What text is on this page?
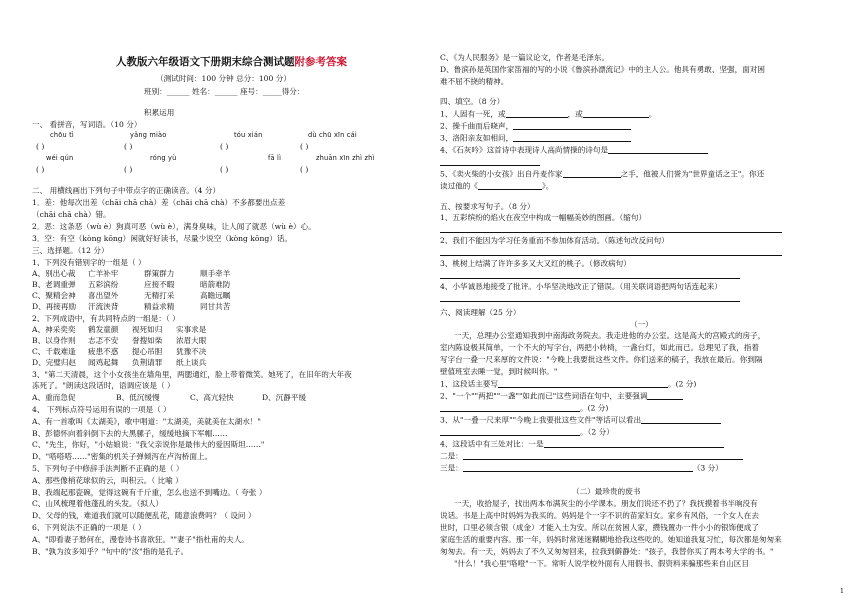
人教版六年级语文下册期末综合测试题附参考答案
（测试时间：100 分钟 总分：100 分）
班别：______ 姓名：______ 座号：_____得分：
积累运用
一、 看拼音，写词语。（10 分）
chōu tì	yǎng miào	tóu xián	dù chū xīn cái
( )	( )	( )	( )
wéi qún	róng yù	fā lì	zhuān xīn zhì zhì
( )	( )	( )	( )
二、 用横线画出下列句子中带点字的正确读音。（4 分）
1．差：他每次出差（chāi chā chà）差（chāi chā chà）不多都要出点差
（chāi chā chà）错。
2．恶：这条恶（wù è）狗真可恶（wù è），满身臭味，让人闻了就恶（wù è）心。
3．空：有空（kòng kōng）闲就好好读书，尽量少说空（kòng kōng）话。
三、选择题。（12 分）
1、下列没有错别字的一组是（ ）
A、别出心裁 亡羊补牢	群策群力	顺手牵羊
B、老调重弹 五彩滨纷	应接不暇	暗箭难防
C、聚精会神 喜出望外	无精打采	高瞻远瞩
D、再接再励 汗流浃背	精益求精	同甘共苦
2、下列成语中，有共同特点的一组是：（ ）
A、神采奕奕 鹤发童颜 视死如归 实事求是
B、以身作则 志忑不安 誉搜如柴 浓眉大眼
C、千载难逢 疲患不惑 提心吊胆 犹豫不决
D、完璧归赵 闻鸡起舞 负荆请罪 纸上谈兵
3、"第二天清晨，这个小女孩坐在墙角里，两腮通红，脸上带着微笑。她死了，在旧年的大年夜
冻死了。"朗读这段话时，语调应该是（ ）
A、重而急促	B、低沉缓慢	C、高亢轻快	D、沉静平缓
4、 下列标点符号运用有误的一项是（ ）
A、有一首歌叫《太湖美》，歌中唱道："太湖美，美就美在太湖水！"
B、彭德怀向着斜倒下去的大黑骡子，缓缓地摘下军帽……
C、"先生，你好，"小姑娘说："我父亲说你是最伟大的爱因斯坦……"
D、"嗒嗒嗒……"密集的机关子弹倾泻在卢沟桥面上。
5、下列句子中修辞手法判断不正确的是（ ）
A、那些像梢花球似的云，叫积云。（ 比喻 ）
B、我端起那瓷碗，觉得这碗有千斤重，怎么也送不到嘴边。（ 夸张 ）
C、山风梳理着他蓬乱的头发。（拟人）
D、父母的钱，难道我们就可以随便乱花，随意浪费吗？（ 设问 ）
6、下列说法不正确的一项是（ ）
A、"即看妻子愁何在，漫卷诗书喜欲狂。""妻子"指杜甫的夫人。
B、"孰为汝多知乎？"句中的"汝"指的是孔子。
C、《为人民服务》是一篇议论文，作者是毛泽东。
D、鲁滨孙是英国作家笛福的写的小说《鲁滨孙漂流记》中的主人公。他具有勇敢、坚强，面对困
难不屈不挠的精神。
四、填空。（8 分）
1、人固有一死，或	，或	。
2、操千曲而后晓声，
3、洛阳亲友如相问，
4、《石灰吟》这首诗中表现诗人高尚情操的诗句是
5、《卖火柴的小女孩》出自丹麦作家	之手，他被人们誉为"世界童话之王"。你还
读过他的《	》。
五、按要求写句子。（8 分）
1、五彩缤纷的焰火在夜空中构成一幅幅美妙的图画。（缩句）
2、我们不能因为学习任务重而不参加体育活动。（陈述句改反问句）
3、桃树上结满了许许多多又大又红的桃子。（修改病句）
4、小华诚恳地接受了批评。小华坚决地改正了错误。（用关联词语把两句话连起来）
六、阅读理解（25 分）
（一）
一天，总理办公室通知我到中南海政务院去。我走进他的办公室。这是高大的宫殿式的房子，
室内陈设极其简单，一个不大的写字台，两把小转椅，一盏台灯，如此而已。总理见了我，指着
写字台一叠一尺来厚的文件说："今晚上我要批这些文件。你们送来的稿子，我放在最后。你到隔
壁值班室去睡一觉，到时候叫你。"
1、这段话主要写	。(2 分)
2、"一个""两把""一盏""如此而已"这些词语在句中，主要强调
。(2 分)
3、从"一叠一尺来厚""今晚上我要批这些文件"等话可以看出
。（2 分）
4、这段话中有三处对比：一是
二是：
三是：	（3 分）
（二）最珍贵的废书
一天，收拾屋子，找出两本布满灰尘的小学课本。朋友们说还不扔了？我抚摸着书半晌没有
说话。书是上高中时妈妈为我买的。妈妈是个一字不识的苗家妇女。家乡有风俗，一个女人在去
世时，口里必须含银（成金）才能入土为安。所以在贫困人家，攒钱置办一件小小的银饰便成了
家庭生活的重要内容。那一年，妈妈时常迷迷糊糊地拾我这些吃的。她知道我复习忙，每次都是匆匆来
匆匆去。有一天，妈妈去了不久又匆匆回来，拉我到僻静处："孩子，我替你买了两本考大学的书。"
"什么！"我心里"咯噔"一下。常听人说学校外面有人用假书、假资料来骗那些来自山区目
1
